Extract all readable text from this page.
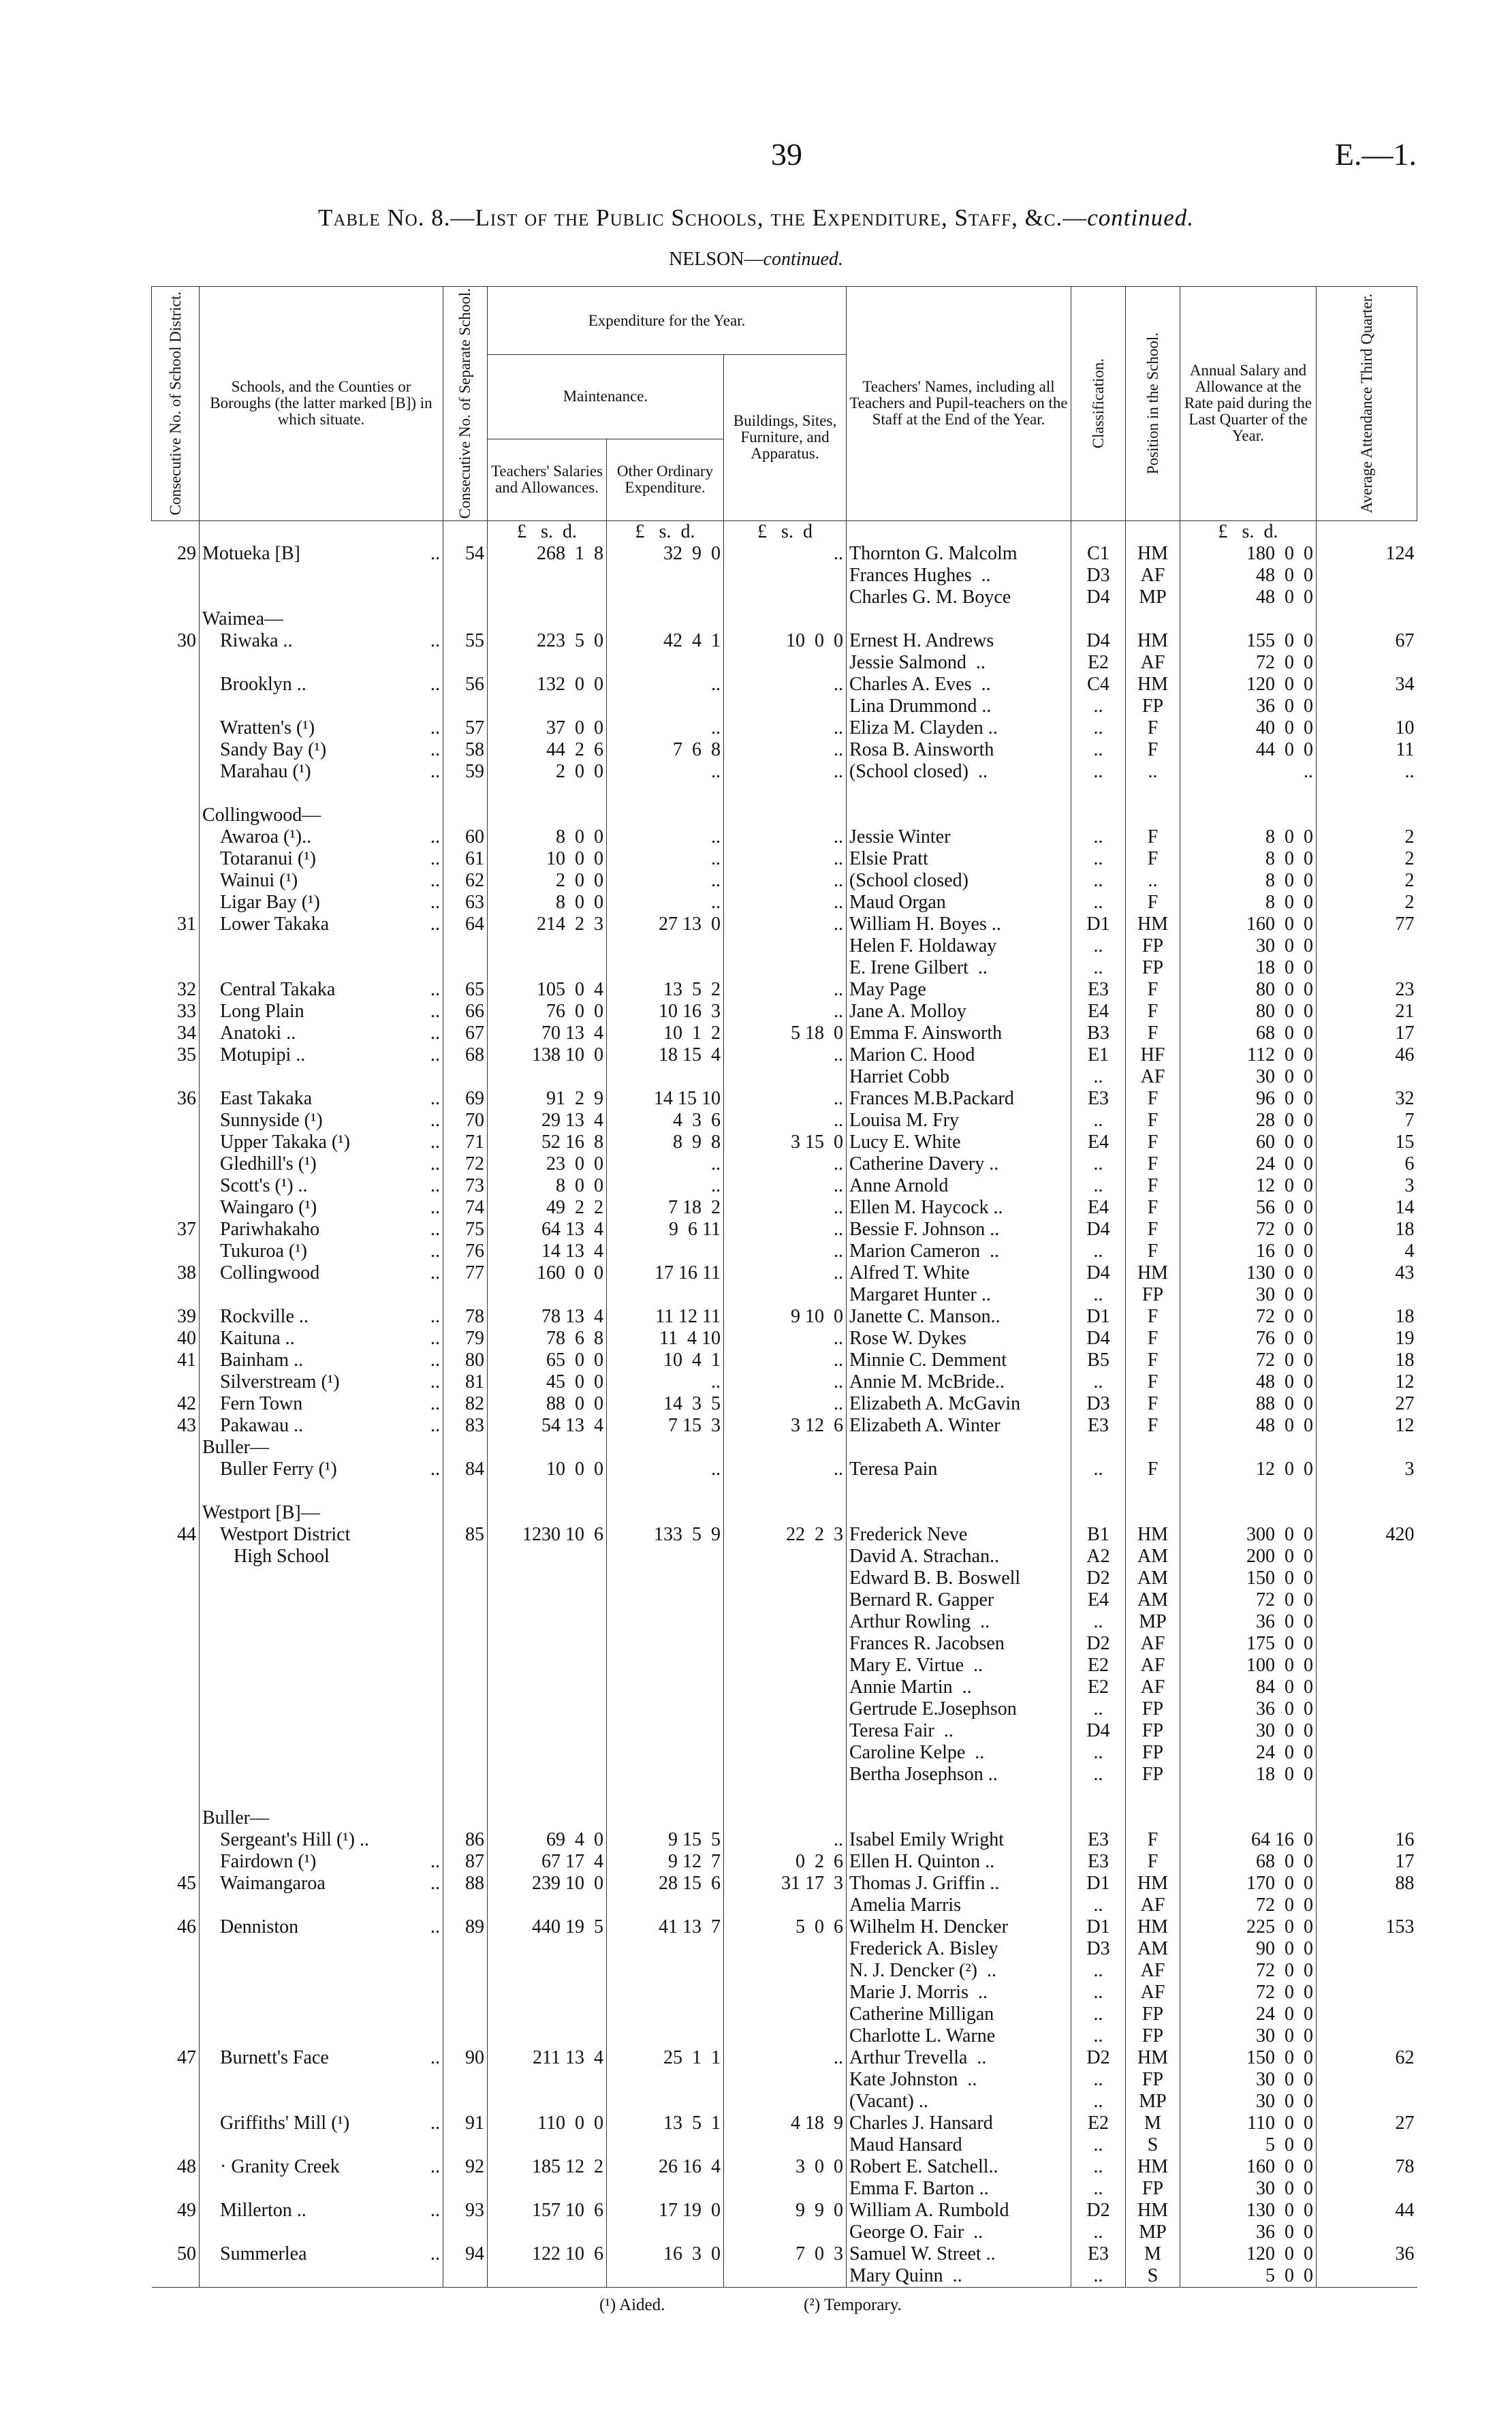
39	E.—1.
Table No. 8.—List of the Public Schools, the Expenditure, Staff, &c.—continued.
NELSON—continued.
Consecutive No. of School District.	Schools, and the Counties or Boroughs (the latter marked [B]) in which situate.	Consecutive No. of Separate School.	Expenditure for the Year.			Teachers' Names, including all Teachers and Pupil-teachers on the Staff at the End of the Year.	Classification.	Position in the School.	Annual Salary and Allowance at the Rate paid during the Last Quarter of the Year.	Average Attendance Third Quarter.

			Maintenance.		Buildings, Sites, Furniture, and Apparatus.					
			Teachers' Salaries and Allowances.	Other Ordinary Expenditure.						
			£ s. d.	£ s. d.	£ s. d				£ s. d.	
29	Motueka [B] ..	54	268  1  8	32  9  0	..	Thornton G. Malcolm	C1	HM	180  0  0	124
						Frances Hughes  ..	D3	AF	48  0  0	
						Charles G. M. Boyce	D4	MP	48  0  0	
	Waimea—									
30	Riwaka .. ..	55	223  5  0	42  4  1	10  0  0	Ernest H. Andrews	D4	HM	155  0  0	67
						Jessie Salmond  ..	E2	AF	72  0  0	
	Brooklyn .. ..	56	132  0  0	..	..	Charles A. Eves  ..	C4	HM	120  0  0	34
						Lina Drummond ..	..	FP	36  0  0	
	Wratten's (¹) ..	57	37  0  0	..	..	Eliza M. Clayden ..	..	F	40  0  0	10
	Sandy Bay (¹) ..	58	44  2  6	7  6  8	..	Rosa B. Ainsworth	..	F	44  0  0	11
	Marahau (¹) ..	59	2  0  0	..	..	(School closed)  ..	..	..	..	..

	Collingwood—									
	Awaroa (¹).. ..	60	8  0  0	..	..	Jessie Winter	..	F	8  0  0	2
	Totaranui (¹) ..	61	10  0  0	..	..	Elsie Pratt	..	F	8  0  0	2
	Wainui (¹) ..	62	2  0  0	..	..	(School closed)	..	..	8  0  0	2
	Ligar Bay (¹) ..	63	8  0  0	..	..	Maud Organ	..	F	8  0  0	2
31	Lower Takaka ..	64	214  2  3	27 13  0	..	William H. Boyes ..	D1	HM	160  0  0	77
						Helen F. Holdaway	..	FP	30  0  0	
						E. Irene Gilbert  ..	..	FP	18  0  0	
32	Central Takaka ..	65	105  0  4	13  5  2	..	May Page	E3	F	80  0  0	23
33	Long Plain ..	66	76  0  0	10 16  3	..	Jane A. Molloy	E4	F	80  0  0	21
34	Anatoki .. ..	67	70 13  4	10  1  2	5 18  0	Emma F. Ainsworth	B3	F	68  0  0	17
35	Motupipi .. ..	68	138 10  0	18 15  4	..	Marion C. Hood	E1	HF	112  0  0	46
						Harriet Cobb	..	AF	30  0  0	
36	East Takaka ..	69	91  2  9	14 15 10	..	Frances M.B.Packard	E3	F	96  0  0	32
	Sunnyside (¹) ..	70	29 13  4	4  3  6	..	Louisa M. Fry	..	F	28  0  0	7
	Upper Takaka (¹) ..	71	52 16  8	8  9  8	3 15  0	Lucy E. White	E4	F	60  0  0	15
	Gledhill's (¹) ..	72	23  0  0	..	..	Catherine Davery ..	..	F	24  0  0	6
	Scott's (¹) .. ..	73	8  0  0	..	..	Anne Arnold	..	F	12  0  0	3
	Waingaro (¹) ..	74	49  2  2	7 18  2	..	Ellen M. Haycock ..	E4	F	56  0  0	14
37	Pariwhakaho ..	75	64 13  4	9  6 11	..	Bessie F. Johnson ..	D4	F	72  0  0	18
	Tukuroa (¹) ..	76	14 13  4		..	Marion Cameron  ..	..	F	16  0  0	4
38	Collingwood ..	77	160  0  0	17 16 11	..	Alfred T. White	D4	HM	130  0  0	43
						Margaret Hunter ..	..	FP	30  0  0	
39	Rockville .. ..	78	78 13  4	11 12 11	9 10  0	Janette C. Manson..	D1	F	72  0  0	18
40	Kaituna .. ..	79	78  6  8	11  4 10	..	Rose W. Dykes	D4	F	76  0  0	19
41	Bainham .. ..	80	65  0  0	10  4  1	..	Minnie C. Demment	B5	F	72  0  0	18
	Silverstream (¹) ..	81	45  0  0	..	..	Annie M. McBride..	..	F	48  0  0	12
42	Fern Town ..	82	88  0  0	14  3  5	..	Elizabeth A. McGavin	D3	F	88  0  0	27
43	Pakawau .. ..	83	54 13  4	7 15  3	3 12  6	Elizabeth A. Winter	E3	F	48  0  0	12
	Buller—									
	Buller Ferry (¹) ..	84	10  0  0	..	..	Teresa Pain	..	F	12  0  0	3

	Westport [B]—									
44	Westport District	85	1230 10  6	133  5  9	22  2  3	Frederick Neve	B1	HM	300  0  0	420
	High School					David A. Strachan..	A2	AM	200  0  0	
						Edward B. B. Boswell	D2	AM	150  0  0	
						Bernard R. Gapper	E4	AM	72  0  0	
						Arthur Rowling  ..	..	MP	36  0  0	
						Frances R. Jacobsen	D2	AF	175  0  0	
						Mary E. Virtue  ..	E2	AF	100  0  0	
						Annie Martin  ..	E2	AF	84  0  0	
						Gertrude E.Josephson	..	FP	36  0  0	
						Teresa Fair  ..	D4	FP	30  0  0	
						Caroline Kelpe  ..	..	FP	24  0  0	
						Bertha Josephson ..	..	FP	18  0  0	

	Buller—									
	Sergeant's Hill (¹) ..	86	69  4  0	9 15  5	..	Isabel Emily Wright	E3	F	64 16  0	16
	Fairdown (¹) ..	87	67 17  4	9 12  7	0  2  6	Ellen H. Quinton ..	E3	F	68  0  0	17
45	Waimangaroa ..	88	239 10  0	28 15  6	31 17  3	Thomas J. Griffin ..	D1	HM	170  0  0	88
						Amelia Marris	..	AF	72  0  0	
46	Denniston ..	89	440 19  5	41 13  7	5  0  6	Wilhelm H. Dencker	D1	HM	225  0  0	153
						Frederick A. Bisley	D3	AM	90  0  0	
						N. J. Dencker (²)  ..	..	AF	72  0  0	
						Marie J. Morris  ..	..	AF	72  0  0	
						Catherine Milligan	..	FP	24  0  0	
						Charlotte L. Warne	..	FP	30  0  0	
47	Burnett's Face ..	90	211 13  4	25  1  1	..	Arthur Trevella  ..	D2	HM	150  0  0	62
						Kate Johnston  ..	..	FP	30  0  0	
						(Vacant) ..	..	MP	30  0  0	
	Griffiths' Mill (¹) ..	91	110  0  0	13  5  1	4 18  9	Charles J. Hansard	E2	M	110  0  0	27
						Maud Hansard	..	S	5  0  0	
48	· Granity Creek ..	92	185 12  2	26 16  4	3  0  0	Robert E. Satchell..	..	HM	160  0  0	78
						Emma F. Barton ..	..	FP	30  0  0	
49	Millerton .. ..	93	157 10  6	17 19  0	9  9  0	William A. Rumbold	D2	HM	130  0  0	44
						George O. Fair  ..	..	MP	36  0  0	
50	Summerlea ..	94	122 10  6	16  3  0	7  0  3	Samuel W. Street ..	E3	M	120  0  0	36
						Mary Quinn  ..	..	S	5  0  0	
(¹) Aided.	(²) Temporary.
